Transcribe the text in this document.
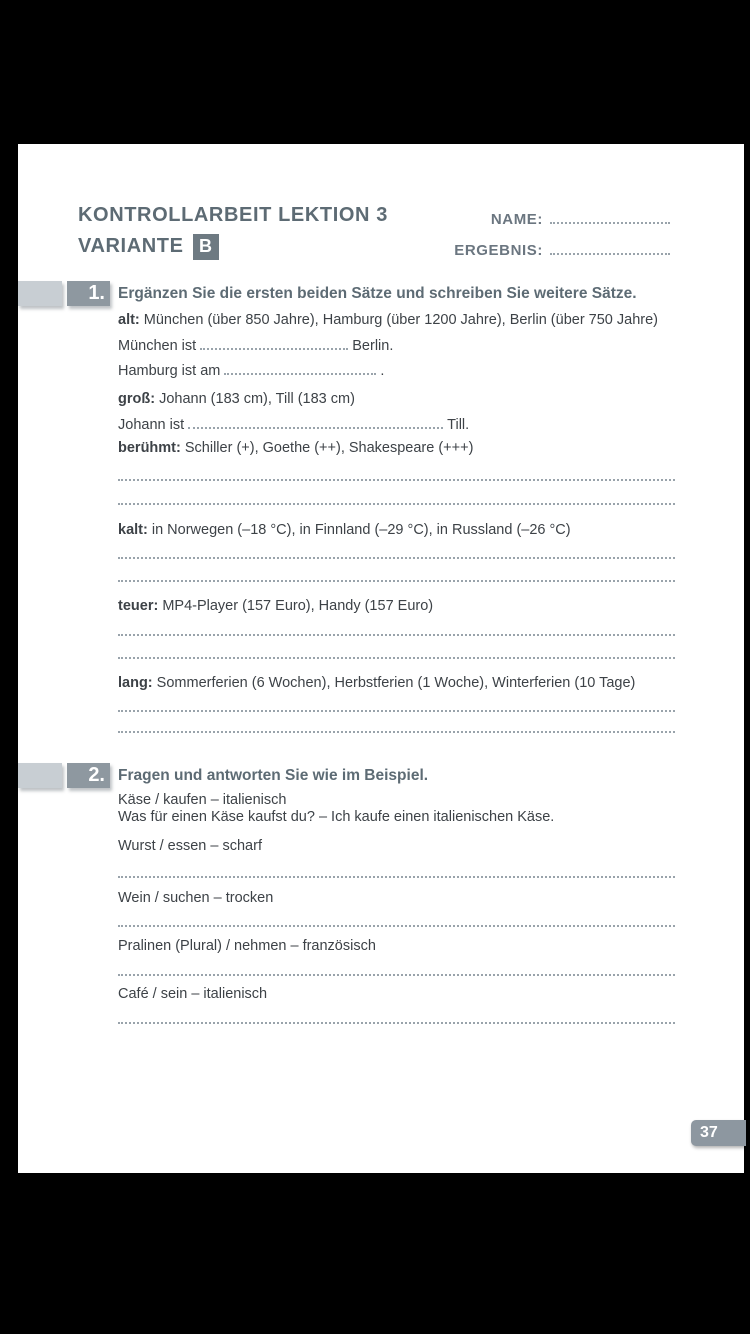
KONTROLLARBEIT LEKTION 3
VARIANTE B
NAME:
ERGEBNIS:
1. Ergänzen Sie die ersten beiden Sätze und schreiben Sie weitere Sätze.
alt: München (über 850 Jahre), Hamburg (über 1200 Jahre), Berlin (über 750 Jahre)
München ist	Berlin.
Hamburg ist am	.
groß: Johann (183 cm), Till (183 cm)
Johann ist	Till.
berühmt: Schiller (+), Goethe (++), Shakespeare (+++)
kalt: in Norwegen (–18 °C), in Finnland (–29 °C), in Russland (–26 °C)
teuer: MP4-Player (157 Euro), Handy (157 Euro)
lang: Sommerferien (6 Wochen), Herbstferien (1 Woche), Winterferien (10 Tage)
2. Fragen und antworten Sie wie im Beispiel.
Käse / kaufen – italienisch
Was für einen Käse kaufst du? – Ich kaufe einen italienischen Käse.
Wurst / essen – scharf
Wein / suchen – trocken
Pralinen (Plural) / nehmen – französisch
Café / sein – italienisch
37
